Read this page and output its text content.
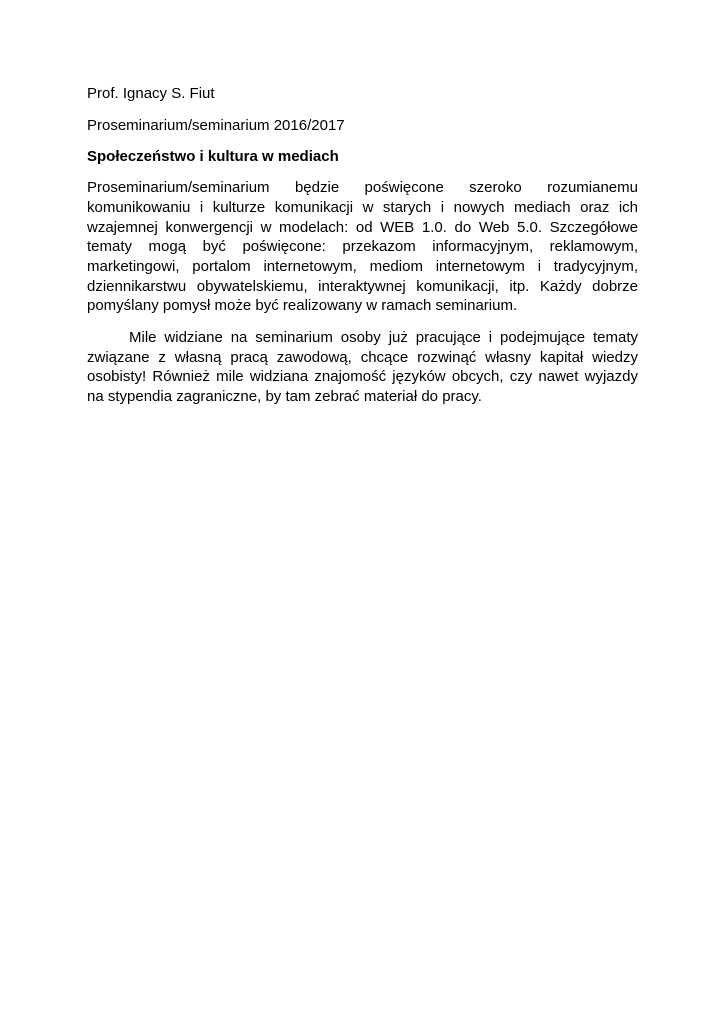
Prof. Ignacy S. Fiut

Proseminarium/seminarium 2016/2017

Społeczeństwo i kultura w mediach

Proseminarium/seminarium będzie poświęcone szeroko rozumianemu komunikowaniu i kulturze komunikacji w starych i nowych mediach oraz ich wzajemnej konwergencji w modelach: od WEB 1.0. do Web 5.0. Szczegółowe tematy mogą być poświęcone: przekazom informacyjnym, reklamowym, marketingowi, portalom internetowym, mediom internetowym i tradycyjnym, dziennikarstwu obywatelskiemu, interaktywnej komunikacji, itp. Każdy dobrze pomyślany pomysł może być realizowany w ramach seminarium.

Mile widziane na seminarium osoby już pracujące i podejmujące tematy związane z własną pracą zawodową, chcące rozwinąć własny kapitał wiedzy osobisty! Również mile widziana znajomość języków obcych, czy nawet wyjazdy na stypendia zagraniczne, by tam zebrać materiał do pracy.
